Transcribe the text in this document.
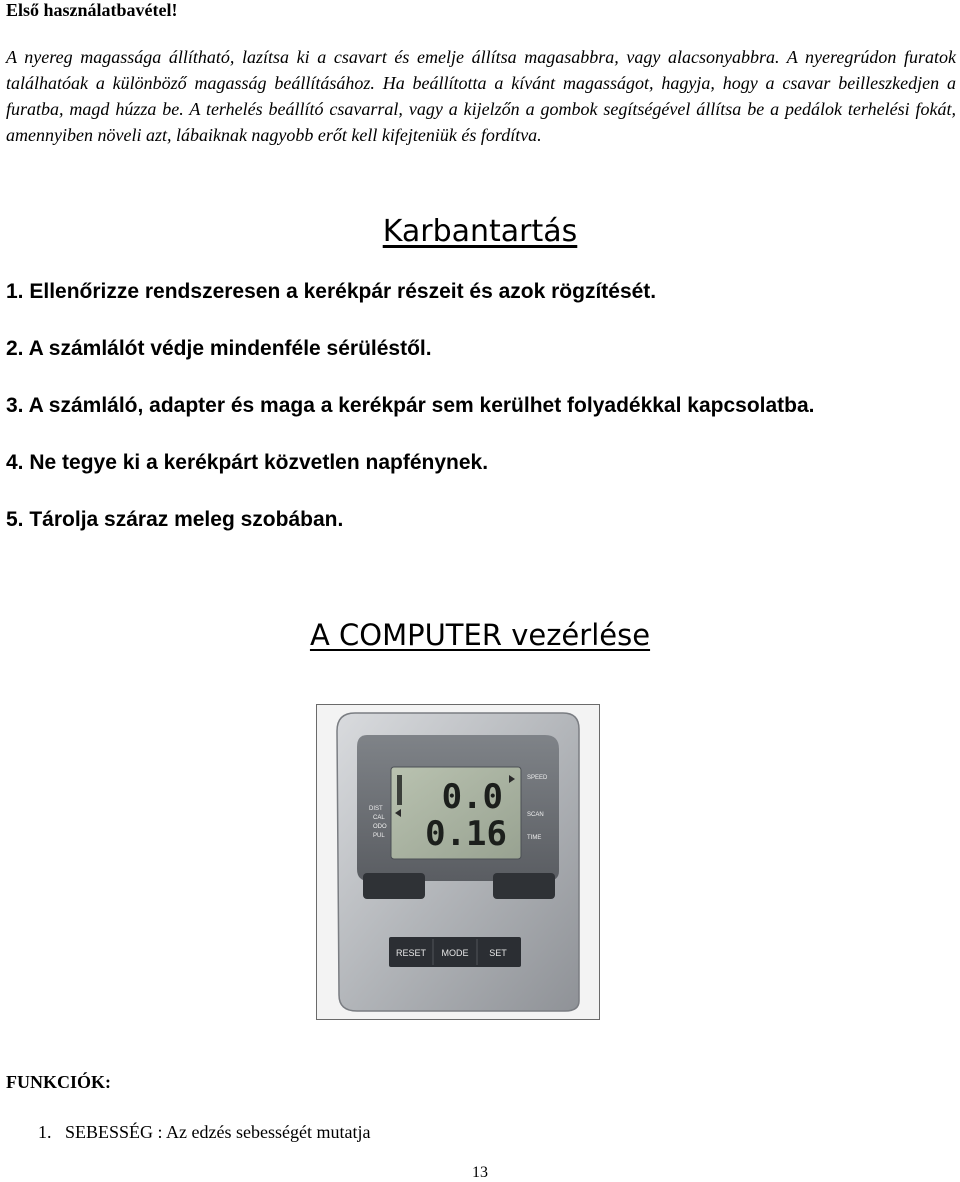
Első használatbavétel!

A nyereg magassága állítható, lazítsa ki a csavart és emelje állítsa magasabbra, vagy alacsonyabbra. A nyeregrúdon furatok találhatóak a különböző magasság beállításához. Ha beállította a kívánt magasságot, hagyja, hogy a csavar beilleszkedjen a furatba, magd húzza be. A terhelés beállító csavarral, vagy a kijelzőn a gombok segítségével állítsa be a pedálok terhelési fokát, amennyiben növeli azt, lábaiknak nagyobb erőt kell kifejteniük és fordítva.

Karbantartás
1. Ellenőrizze rendszeresen a kerékpár részeit és azok rögzítését.
2. A számlálót védje mindenféle sérüléstől.
3. A számláló, adapter és maga a kerékpár sem kerülhet folyadékkal kapcsolatba.
4. Ne tegye ki a kerékpárt közvetlen napfénynek.
5. Tárolja száraz meleg szobában.
A COMPUTER vezérlése
0.0
0.16
DIST
CAL
ODO
PUL
SPEED
SCAN
TIME
RESET MODE SET
FUNKCIÓK:
1.   SEBESSÉG : Az edzés sebességét mutatja
13
